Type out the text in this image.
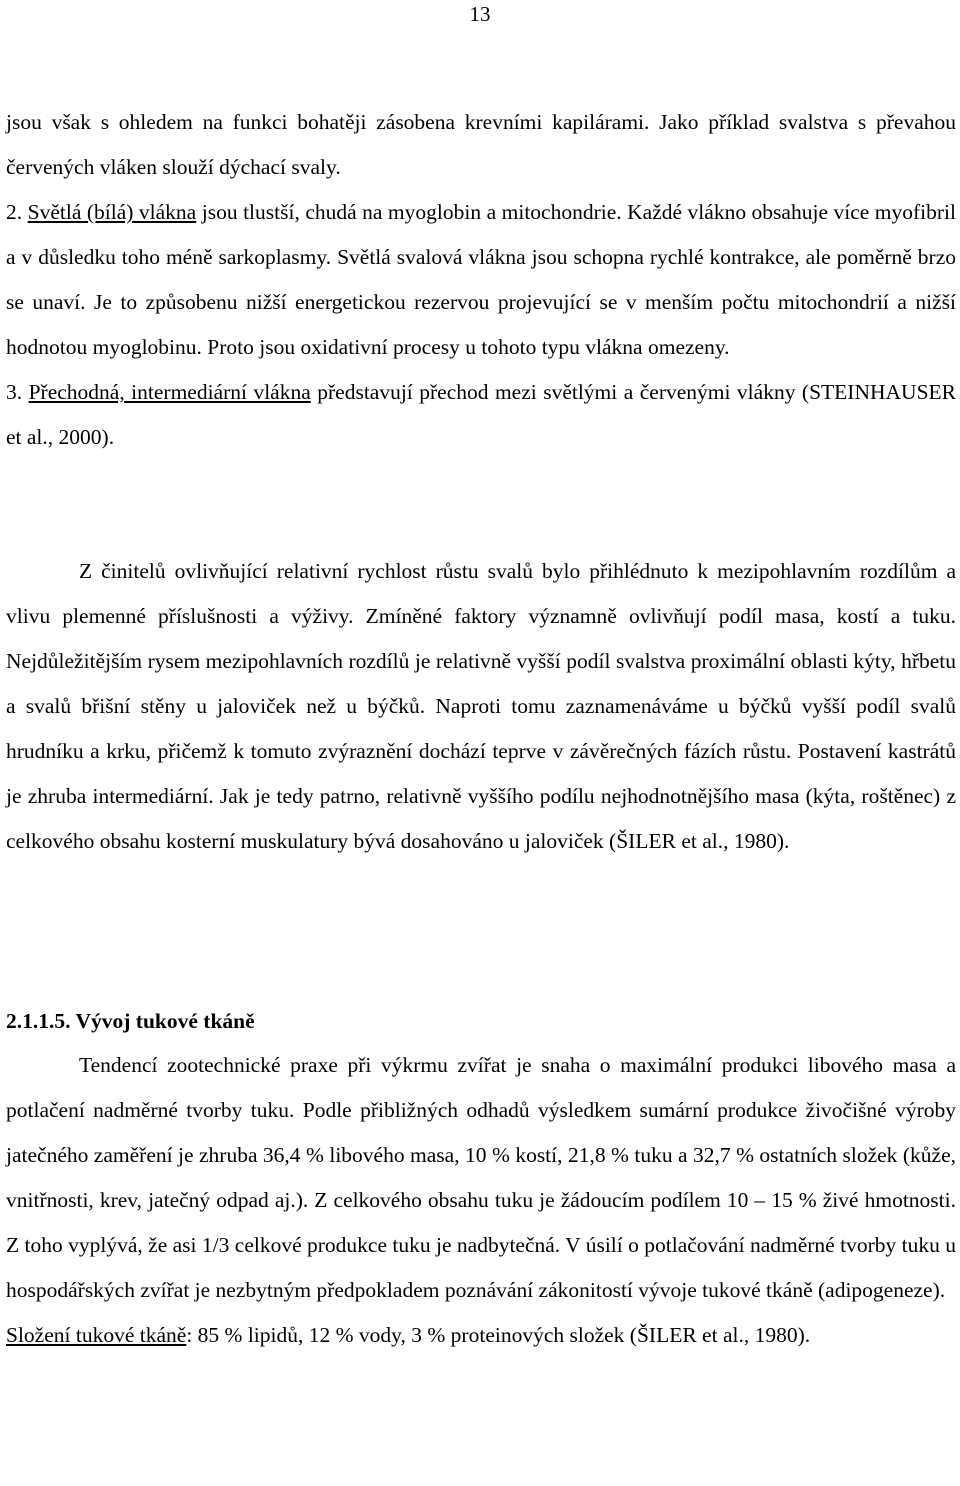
13

jsou však s ohledem na funkci bohatěji zásobena krevními kapilárami. Jako příklad svalstva s převahou červených vláken slouží dýchací svaly.

2. Světlá (bílá) vlákna jsou tlustší, chudá na myoglobin a mitochondrie. Každé vlákno obsahuje více myofibril a v důsledku toho méně sarkoplasmy. Světlá svalová vlákna jsou schopna rychlé kontrakce, ale poměrně brzo se unaví. Je to způsobenu nižší energetickou rezervou projevující se v menším počtu mitochondrií a nižší hodnotou myoglobinu. Proto jsou oxidativní procesy u tohoto typu vlákna omezeny.

3. Přechodná, intermediární vlákna představují přechod mezi světlými a červenými vlákny (STEINHAUSER et al., 2000).

Z činitelů ovlivňující relativní rychlost růstu svalů bylo přihlédnuto k mezipohlavním rozdílům a vlivu plemenné příslušnosti a výživy. Zmíněné faktory významně ovlivňují podíl masa, kostí a tuku. Nejdůležitějším rysem mezipohlavních rozdílů je relativně vyšší podíl svalstva proximální oblasti kýty, hřbetu a svalů břišní stěny u jaloviček než u býčků. Naproti tomu zaznamenáváme u býčků vyšší podíl svalů hrudníku a krku, přičemž k tomuto zvýraznění dochází teprve v závěrečných fázích růstu. Postavení kastrátů je zhruba intermediární. Jak je tedy patrno, relativně vyššího podílu nejhodnotnějšího masa (kýta, roštěnec) z celkového obsahu kosterní muskulatury bývá dosahováno u jaloviček (ŠILER et al., 1980).

2.1.1.5. Vývoj tukové tkáně

Tendencí zootechnické praxe při výkrmu zvířat je snaha o maximální produkci libového masa a potlačení nadměrné tvorby tuku. Podle přibližných odhadů výsledkem sumární produkce živočišné výroby jatečného zaměření je zhruba 36,4 % libového masa, 10 % kostí, 21,8 % tuku a 32,7 % ostatních složek (kůže, vnitřnosti, krev, jatečný odpad aj.). Z celkového obsahu tuku je žádoucím podílem 10 – 15 % živé hmotnosti. Z toho vyplývá, že asi 1/3 celkové produkce tuku je nadbytečná. V úsilí o potlačování nadměrné tvorby tuku u hospodářských zvířat je nezbytným předpokladem poznávání zákonitostí vývoje tukové tkáně (adipogeneze).

Složení tukové tkáně: 85 % lipidů, 12 % vody, 3 % proteinových složek (ŠILER et al., 1980).
